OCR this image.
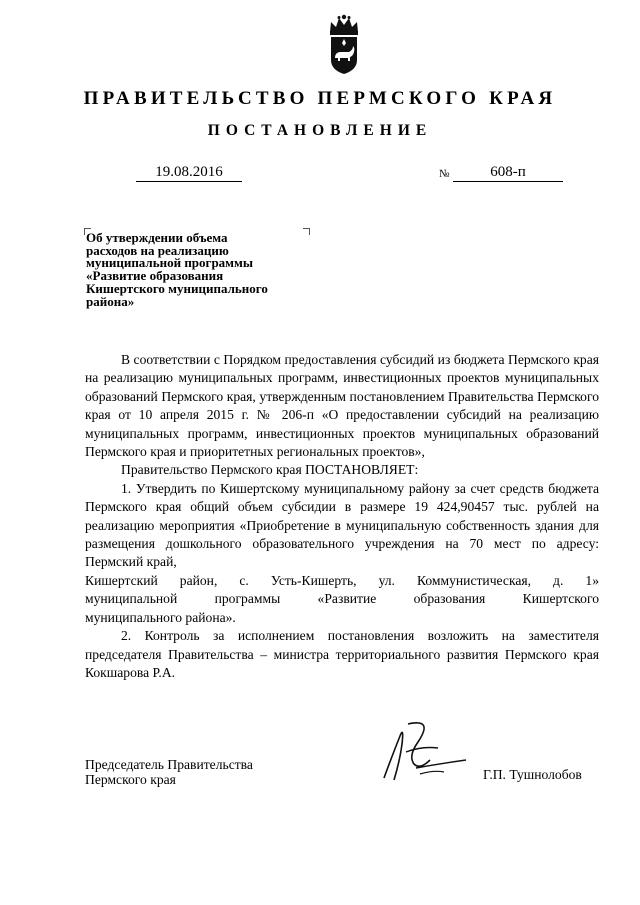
ПРАВИТЕЛЬСТВО ПЕРМСКОГО КРАЯ
ПОСТАНОВЛЕНИЕ
19.08.2016	№	608-п
Об утверждении объема
расходов на реализацию
муниципальной программы
«Развитие образования
Кишертского муниципального
района»

В соответствии с Порядком предоставления субсидий из бюджета Пермского края на реализацию муниципальных программ, инвестиционных проектов муниципальных образований Пермского края, утвержденным постановлением Правительства Пермского края от 10 апреля 2015 г. № 206-п «О предоставлении субсидий на реализацию муниципальных программ, инвестиционных проектов муниципальных образований Пермского края и приоритетных региональных проектов»,

Правительство Пермского края ПОСТАНОВЛЯЕТ:

1. Утвердить по Кишертскому муниципальному району за счет средств бюджета Пермского края общий объем субсидии в размере 19 424,90457 тыс. рублей на реализацию мероприятия «Приобретение в муниципальную собственность здания для размещения дошкольного образовательного учреждения на 70 мест по адресу: Пермский край,

Кишертский район, с. Усть-Кишерть, ул. Коммунистическая, д. 1»
муниципальной программы «Развитие образования Кишертского

муниципального района».

2. Контроль за исполнением постановления возложить на заместителя председателя Правительства – министра территориального развития Пермского края Кокшарова Р.А.

Председатель Правительства
Пермского края	Г.П. Тушнолобов
